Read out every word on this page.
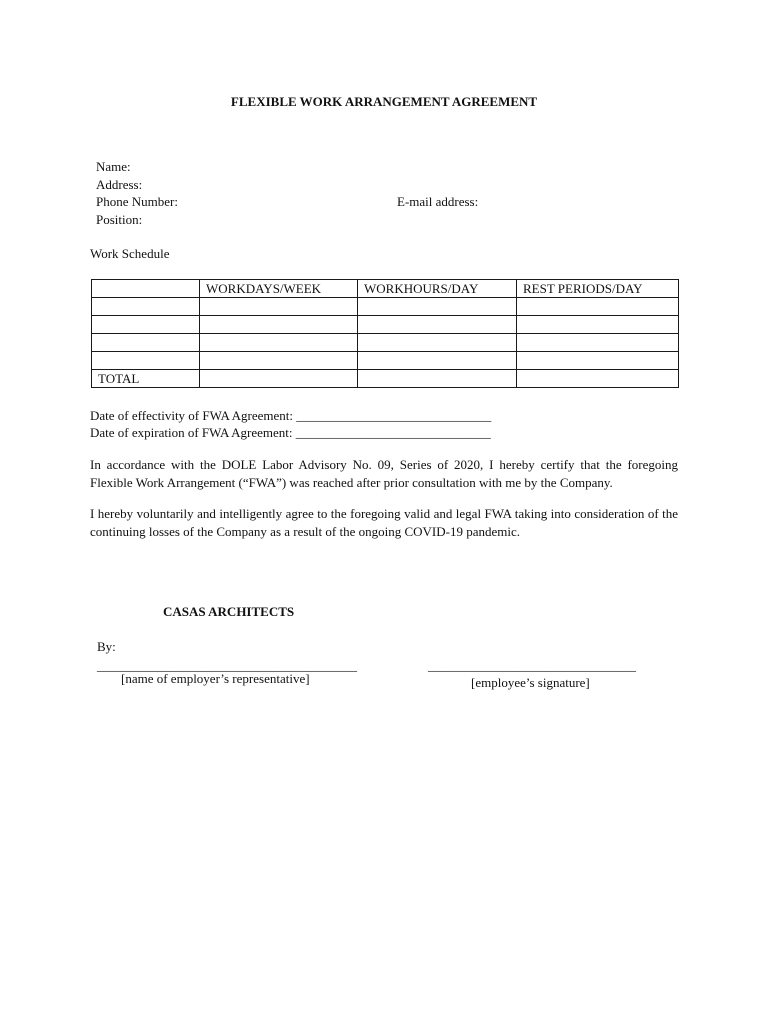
FLEXIBLE WORK ARRANGEMENT AGREEMENT
Name:
Address:
Phone Number:
Position:
E-mail address:
Work Schedule
	WORKDAYS/WEEK	WORKHOURS/DAY	REST PERIODS/DAY

TOTAL			
Date of effectivity of FWA Agreement: ______________________________
Date of expiration of FWA Agreement: ______________________________
In accordance with the DOLE Labor Advisory No. 09, Series of 2020, I hereby certify that the foregoing Flexible Work Arrangement (“FWA”) was reached after prior consultation with me by the Company.
I hereby voluntarily and intelligently agree to the foregoing valid and legal FWA taking into consideration of the continuing losses of the Company as a result of the ongoing COVID-19 pandemic.
CASAS ARCHITECTS
By:
________________________________________	________________________________
[name of employer’s representative]	[employee’s signature]
